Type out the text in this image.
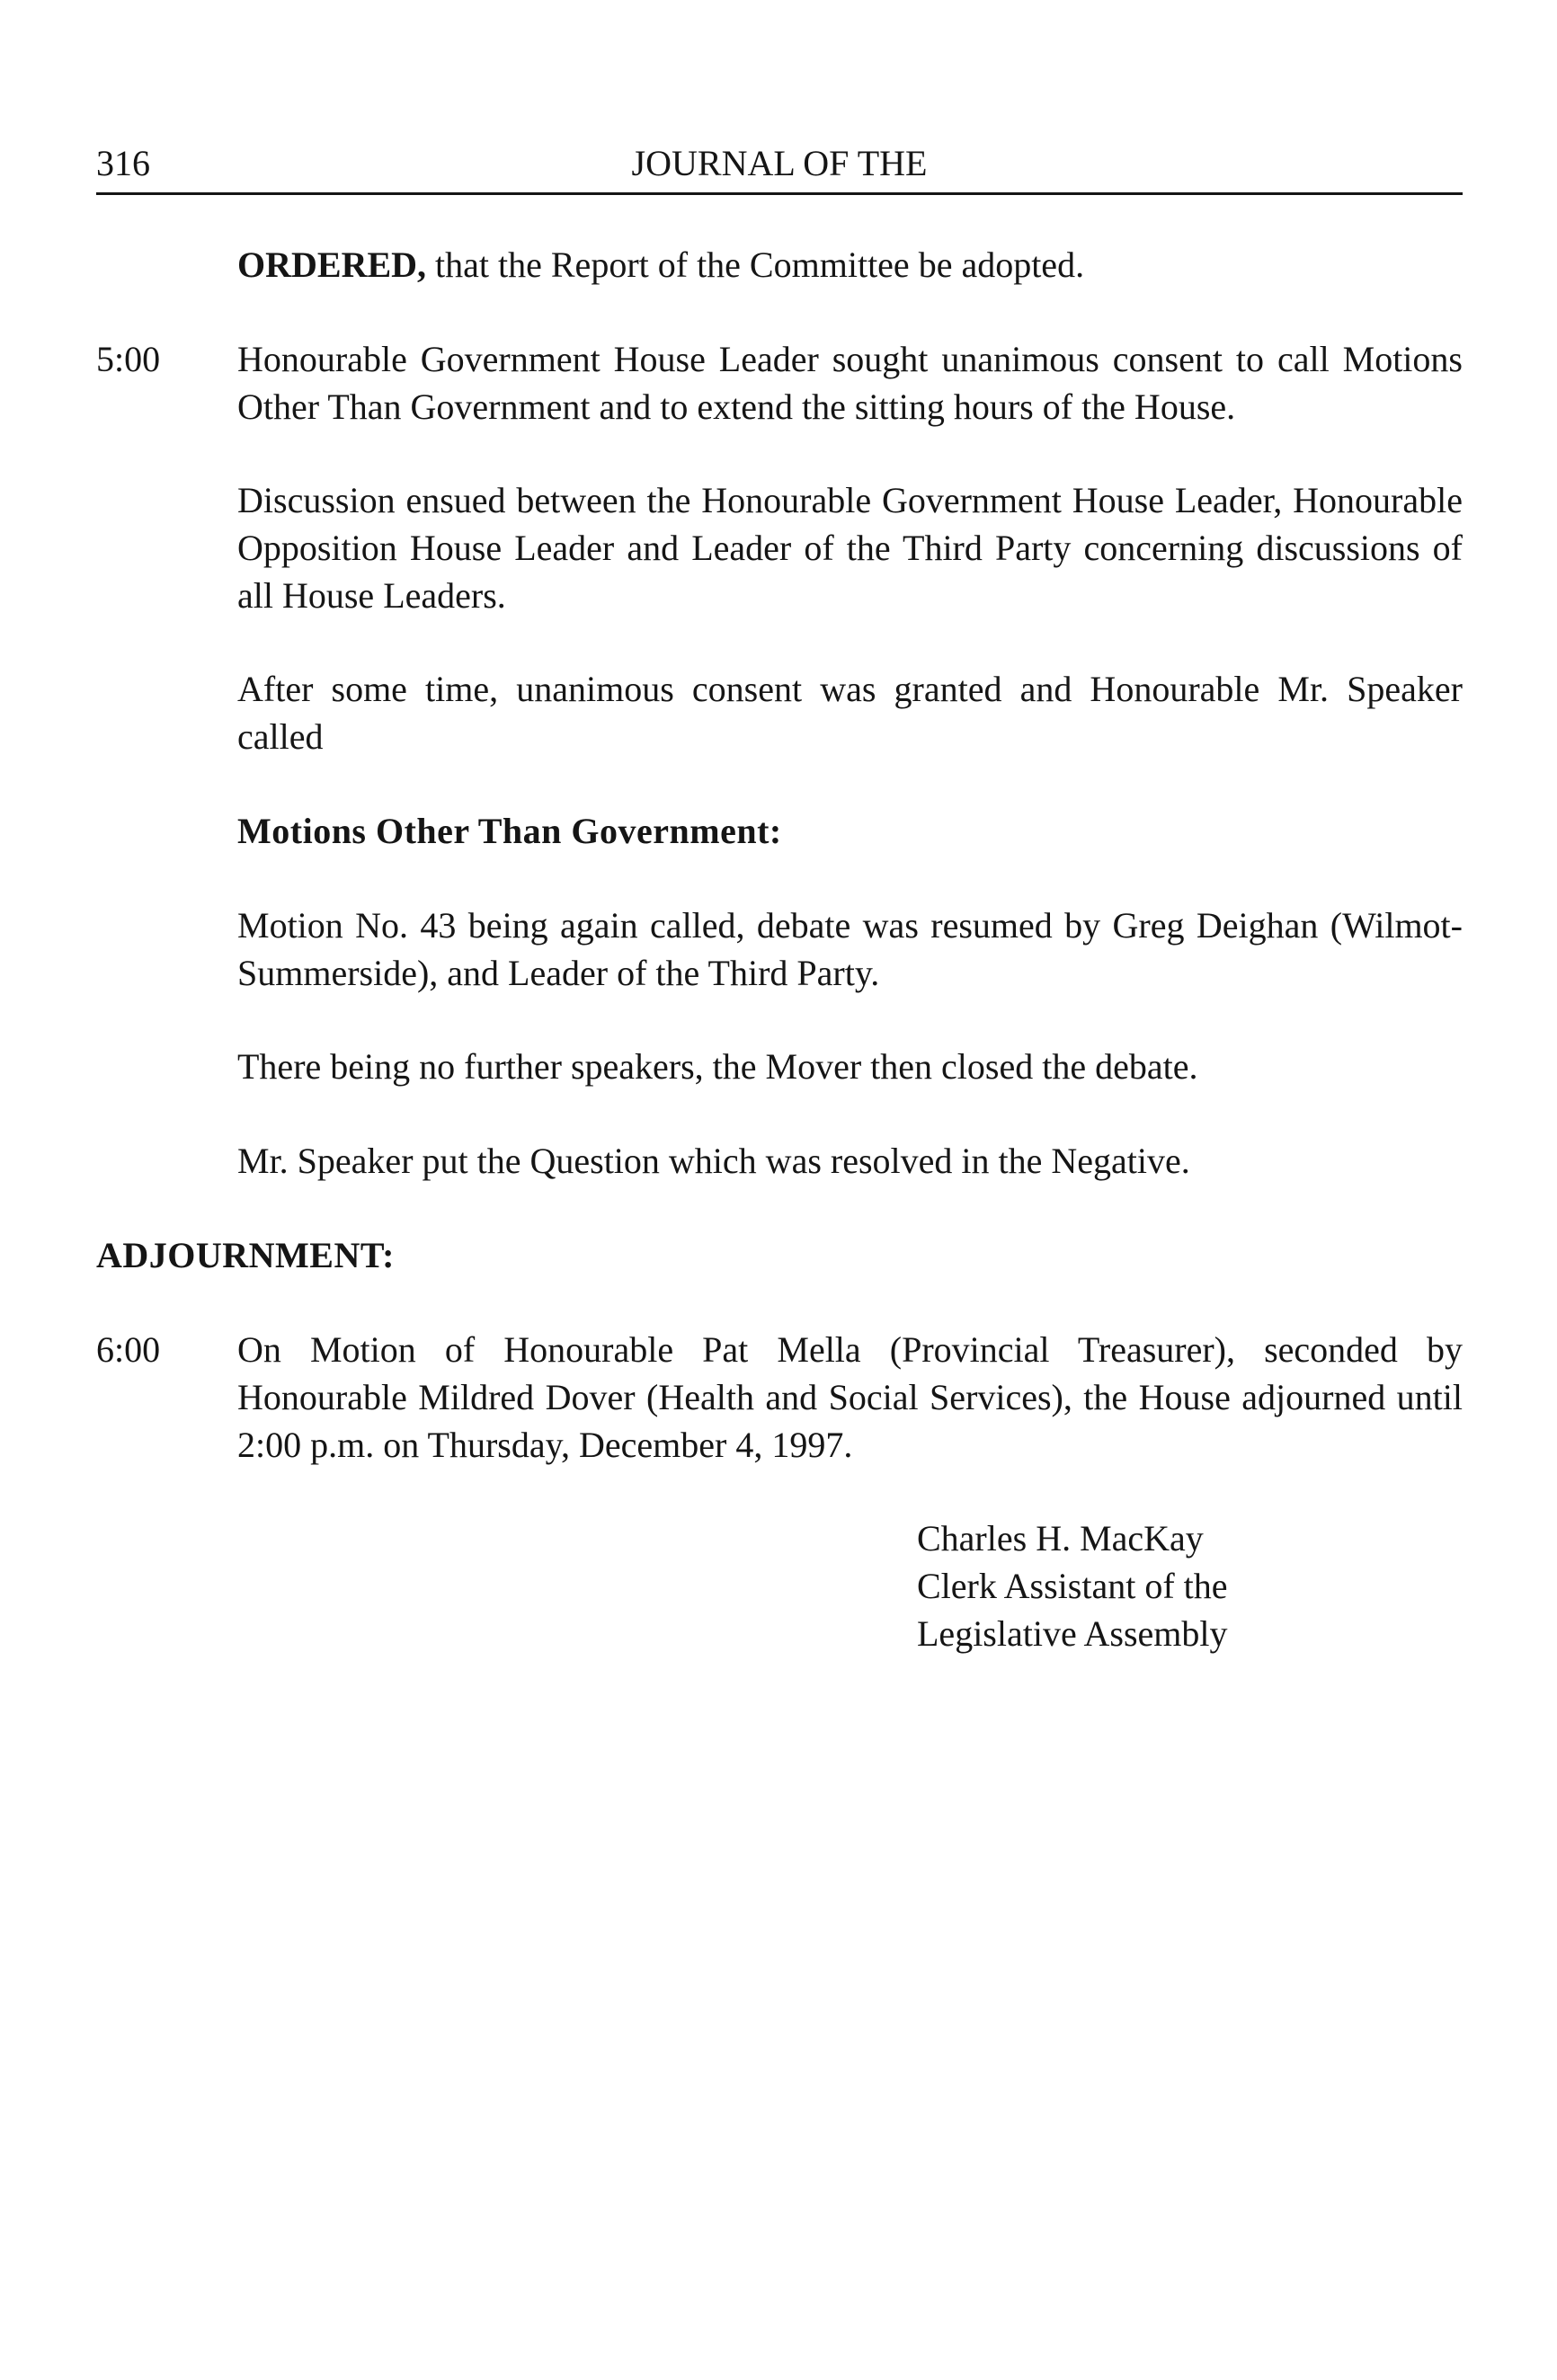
316	JOURNAL OF THE
ORDERED, that the Report of the Committee be adopted.
5:00 Honourable Government House Leader sought unanimous consent to call Motions Other Than Government and to extend the sitting hours of the House.
Discussion ensued between the Honourable Government House Leader, Honourable Opposition House Leader and Leader of the Third Party concerning discussions of all House Leaders.
After some time, unanimous consent was granted and Honourable Mr. Speaker called
Motions Other Than Government:
Motion No. 43 being again called, debate was resumed by Greg Deighan (Wilmot-Summerside), and Leader of the Third Party.
There being no further speakers, the Mover then closed the debate.
Mr. Speaker put the Question which was resolved in the Negative.
ADJOURNMENT:
6:00 On Motion of Honourable Pat Mella (Provincial Treasurer), seconded by Honourable Mildred Dover (Health and Social Services), the House adjourned until 2:00 p.m. on Thursday, December 4, 1997.
Charles H. MacKay
Clerk Assistant of the
Legislative Assembly
